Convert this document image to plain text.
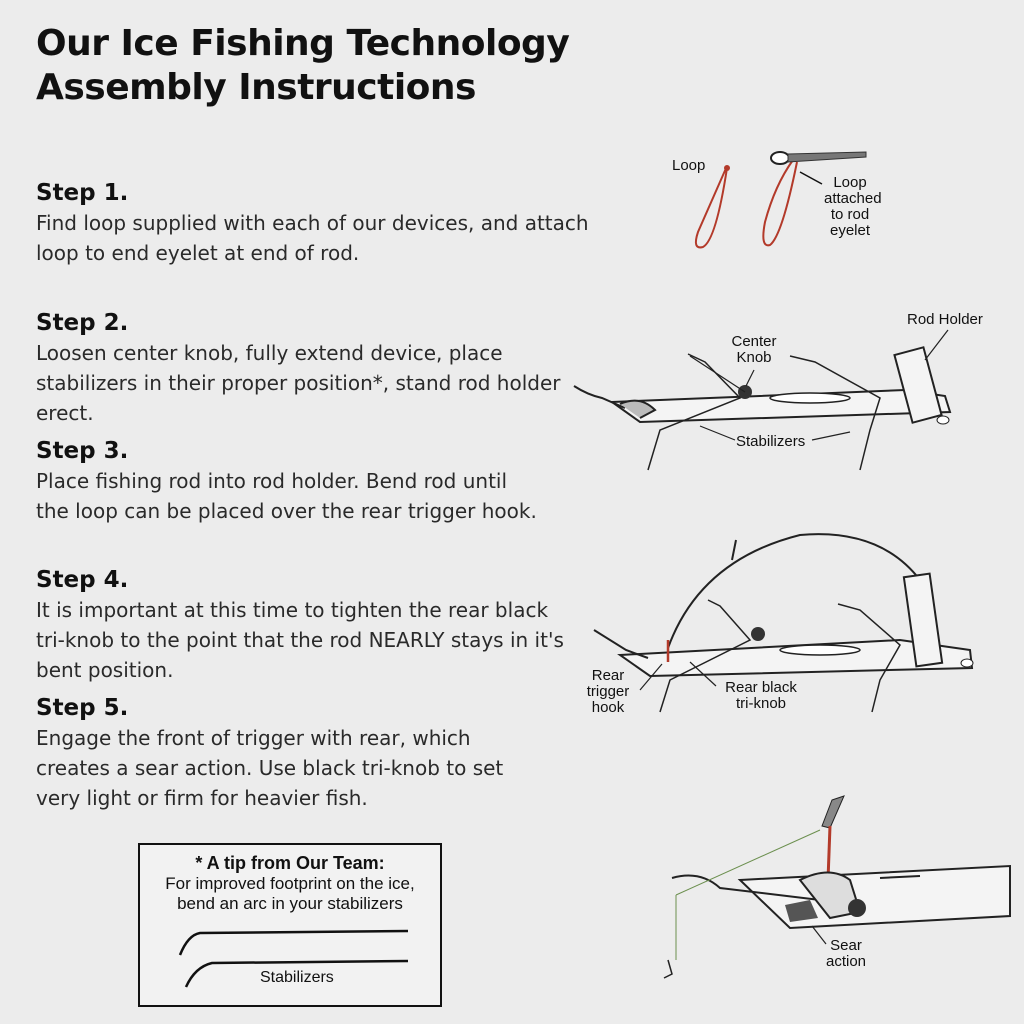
Our Ice Fishing Technology
Assembly Instructions
Step 1.

Find loop supplied with each of our devices, and attach loop to end eyelet at end of rod.

Step 2.

Loosen center knob, fully extend device, place stabilizers in their proper position*, stand rod holder erect.

Step 3.

Place fishing rod into rod holder. Bend rod until the loop can be placed over the rear trigger hook.

Step 4.

It is important at this time to tighten the rear black tri-knob to the point that the rod NEARLY stays in it's bent position.

Step 5.

Engage the front of trigger with rear, which creates a sear action. Use black tri-knob to set very light or firm for heavier fish.

* A tip from Our Team:
For improved footprint on the ice,
bend an arc in your stabilizers
Stabilizers
Loop
Loop
attached
to rod
eyelet
Rod Holder
Center
Knob
Stabilizers
Rear
trigger
hook
Rear black
tri-knob
Sear
action
